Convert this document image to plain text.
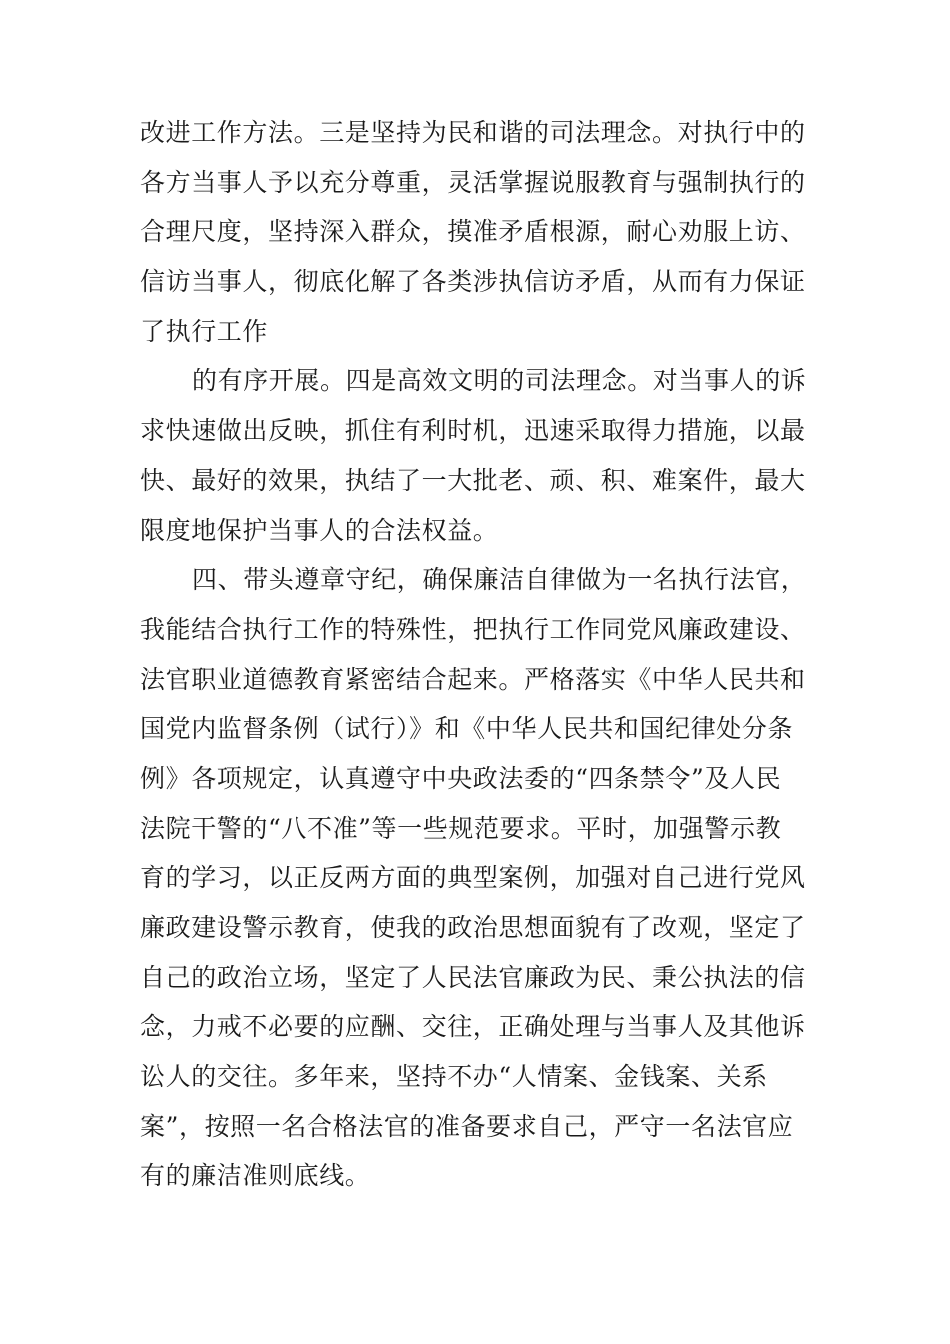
改进工作方法。三是坚持为民和谐的司法理念。对执行中的
各方当事人予以充分尊重，灵活掌握说服教育与强制执行的
合理尺度，坚持深入群众，摸准矛盾根源，耐心劝服上访、
信访当事人，彻底化解了各类涉执信访矛盾，从而有力保证
了执行工作
的有序开展。四是高效文明的司法理念。对当事人的诉
求快速做出反映，抓住有利时机，迅速采取得力措施，以最
快、最好的效果，执结了一大批老、顽、积、难案件，最大
限度地保护当事人的合法权益。
四、带头遵章守纪，确保廉洁自律做为一名执行法官，
我能结合执行工作的特殊性，把执行工作同党风廉政建设、
法官职业道德教育紧密结合起来。严格落实《中华人民共和
国党内监督条例（试行）》和《中华人民共和国纪律处分条
例》各项规定，认真遵守中央政法委的“四条禁令”及人民
法院干警的“八不准”等一些规范要求。平时，加强警示教
育的学习，以正反两方面的典型案例，加强对自己进行党风
廉政建设警示教育，使我的政治思想面貌有了改观，坚定了
自己的政治立场，坚定了人民法官廉政为民、秉公执法的信
念，力戒不必要的应酬、交往，正确处理与当事人及其他诉
讼人的交往。多年来，坚持不办“人情案、金钱案、关系
案”，按照一名合格法官的准备要求自己，严守一名法官应
有的廉洁准则底线。
